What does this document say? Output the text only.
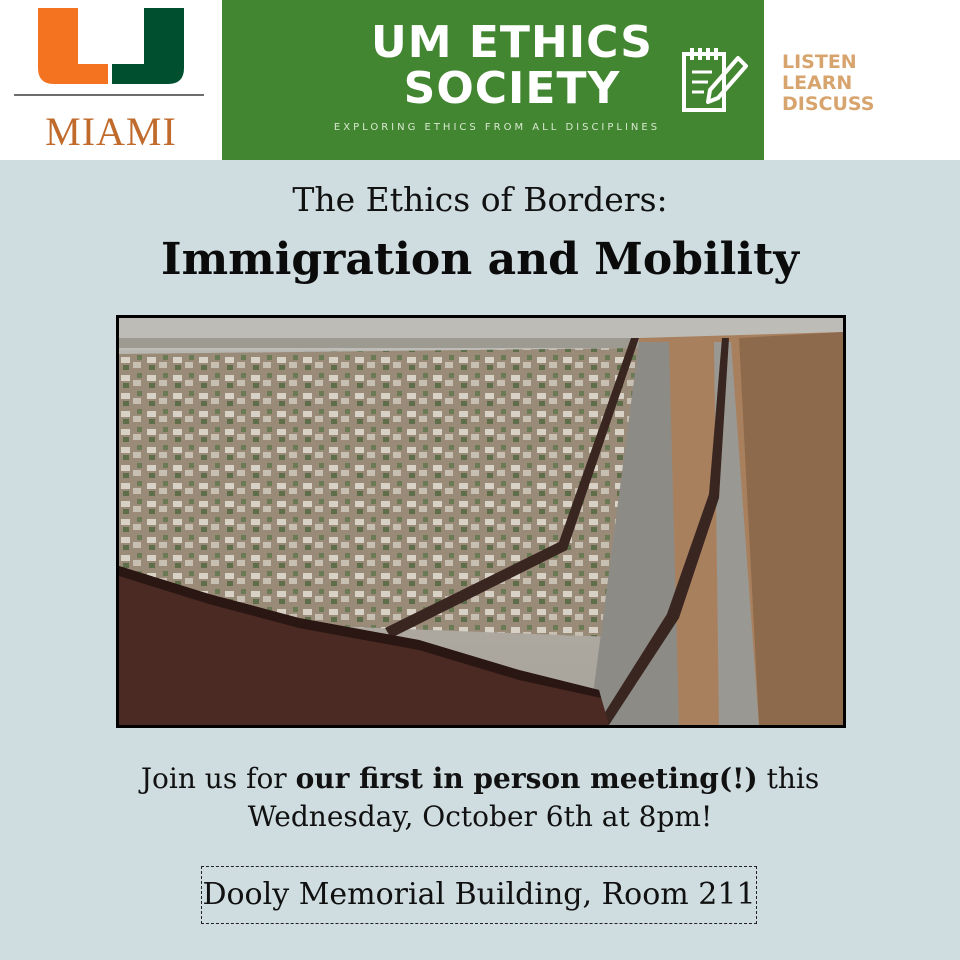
MIAMI
UM ETHICS
SOCIETY
EXPLORING ETHICS FROM ALL DISCIPLINES
LISTEN
LEARN
DISCUSS
The Ethics of Borders:
Immigration and Mobility
Join us for our first in person meeting(!) this
Wednesday, October 6th at 8pm!
Dooly Memorial Building, Room 211
